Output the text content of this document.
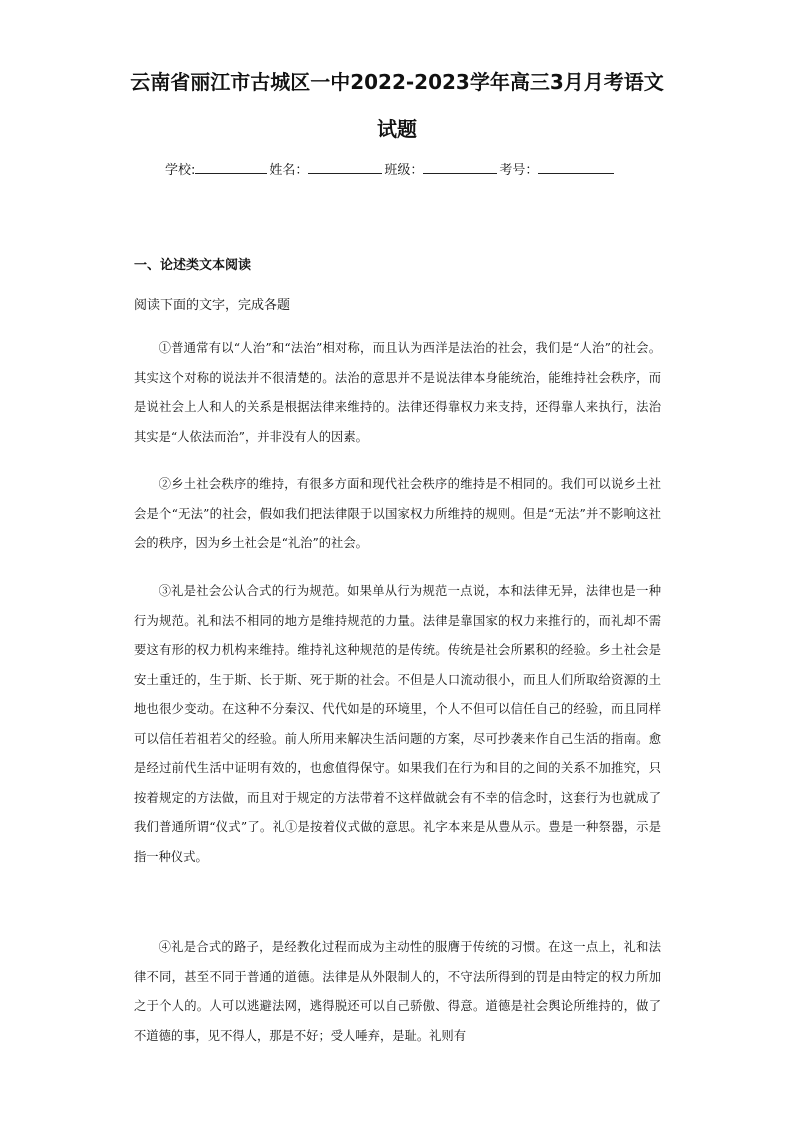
云南省丽江市古城区一中2022-2023学年高三3月月考语文
试题
学校:	姓名：	班级：	考号：
一、论述类文本阅读
阅读下面的文字，完成各题

①普通常有以“人治”和“法治”相对称，而且认为西洋是法治的社会，我们是“人治”的社会。其实这个对称的说法并不很清楚的。法治的意思并不是说法律本身能统治，能维持社会秩序，而是说社会上人和人的关系是根据法律来维持的。法律还得靠权力来支持，还得靠人来执行，法治其实是“人依法而治”，并非没有人的因素。

②乡土社会秩序的维持，有很多方面和现代社会秩序的维持是不相同的。我们可以说乡土社会是个“无法”的社会，假如我们把法律限于以国家权力所维持的规则。但是“无法”并不影响这社会的秩序，因为乡土社会是“礼治”的社会。

③礼是社会公认合式的行为规范。如果单从行为规范一点说，本和法律无异，法律也是一种行为规范。礼和法不相同的地方是维持规范的力量。法律是靠国家的权力来推行的，而礼却不需要这有形的权力机构来维持。维持礼这种规范的是传统。传统是社会所累积的经验。乡土社会是安土重迁的，生于斯、长于斯、死于斯的社会。不但是人口流动很小，而且人们所取给资源的土地也很少变动。在这种不分秦汉、代代如是的环境里，个人不但可以信任自己的经验，而且同样可以信任若祖若父的经验。前人所用来解决生活问题的方案，尽可抄袭来作自己生活的指南。愈是经过前代生活中证明有效的，也愈值得保守。如果我们在行为和目的之间的关系不加推究，只按着规定的方法做，而且对于规定的方法带着不这样做就会有不幸的信念时，这套行为也就成了我们普通所谓“仪式”了。礼①是按着仪式做的意思。礼字本来是从豊从示。豊是一种祭器，示是指一种仪式。

④礼是合式的路子，是经教化过程而成为主动性的服膺于传统的习惯。在这一点上，礼和法律不同，甚至不同于普通的道德。法律是从外限制人的，不守法所得到的罚是由特定的权力所加之于个人的。人可以逃避法网，逃得脱还可以自己骄傲、得意。道德是社会舆论所维持的，做了不道德的事，见不得人，那是不好；受人唾弃，是耻。礼则有
